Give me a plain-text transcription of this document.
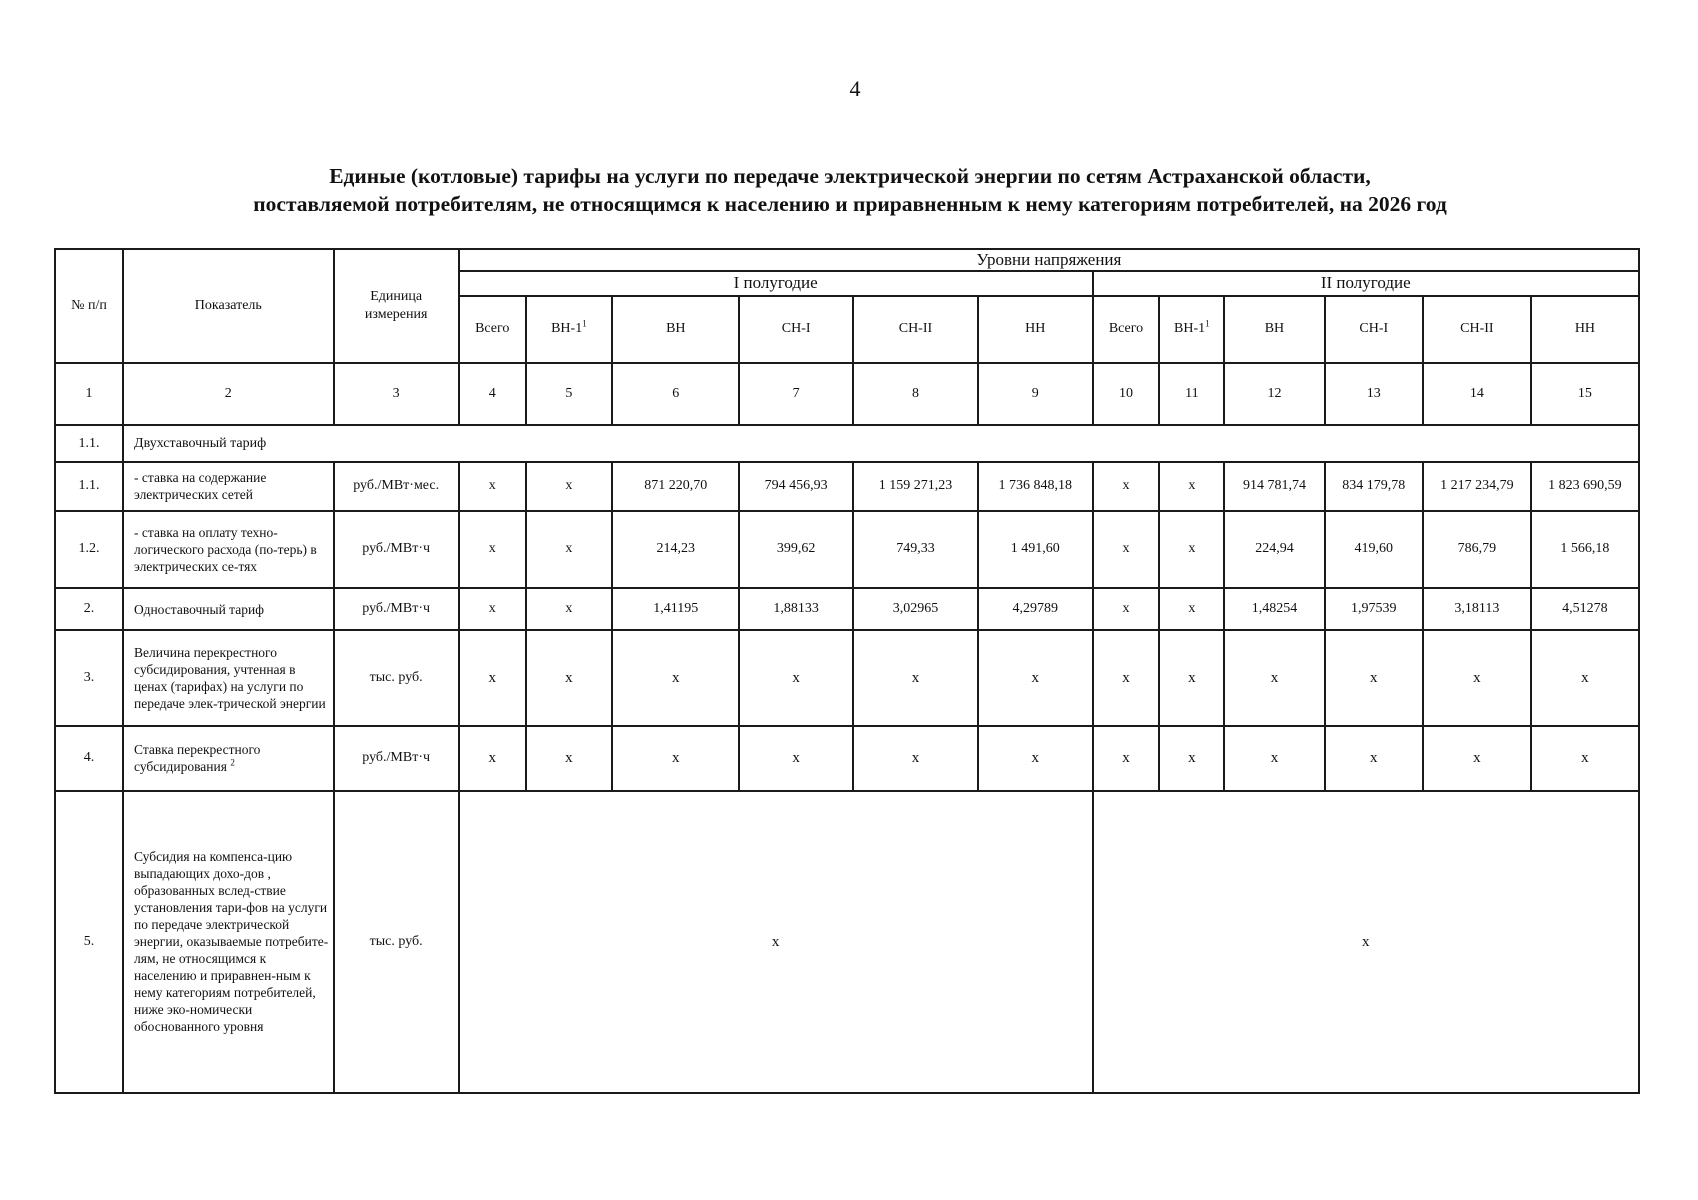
4
Единые (котловые) тарифы на услуги по передаче электрической энергии по сетям Астраханской области,
поставляемой потребителям, не относящимся к населению и приравненным к нему категориям потребителей, на 2026 год
№ п/п	Показатель	Единица измерения	Уровни напряжения											
			I полугодие						II полугодие					
			Всего	$ВН-1^1$	ВН	СН-I	СН-II	НН	Всего	$ВН-1^1$	ВН	СН-I	СН-II	НН
1	2	3	4	5	6	7	8	9	10	11	12	13	14	15
1.1.	Двухставочный тариф													
1.1.	- ставка на содержание электрических сетей	руб./МВт·мес.	х	х	871 220,70	794 456,93	1 159 271,23	1 736 848,18	х	х	914 781,74	834 179,78	1 217 234,79	1 823 690,59
1.2.	- ставка на оплату техно-логического расхода (по-терь) в электрических се-тях	руб./МВт·ч	х	х	214,23	399,62	749,33	1 491,60	х	х	224,94	419,60	786,79	1 566,18
2.	Одноставочный тариф	руб./МВт·ч	х	х	1,41195	1,88133	3,02965	4,29789	х	х	1,48254	1,97539	3,18113	4,51278
3.	Величина перекрестного субсидирования, учтенная в ценах (тарифах) на услуги по передаче элек-трической энергии	тыс. руб.	х	х	х	х	х	х	х	х	х	х	х	х
4.	Ставка перекрестного субсидирования $^2$	руб./МВт·ч	х	х	х	х	х	х	х	х	х	х	х	х
5.	Субсидия на компенса-цию выпадающих дохо-дов , образованных вслед-ствие установления тари-фов на услуги по передаче электрической энергии, оказываемые потребите-лям, не относящимся к населению и приравнен-ным к нему категориям потребителей, ниже эко-номически обоснованного уровня	тыс. руб.	х						х					
